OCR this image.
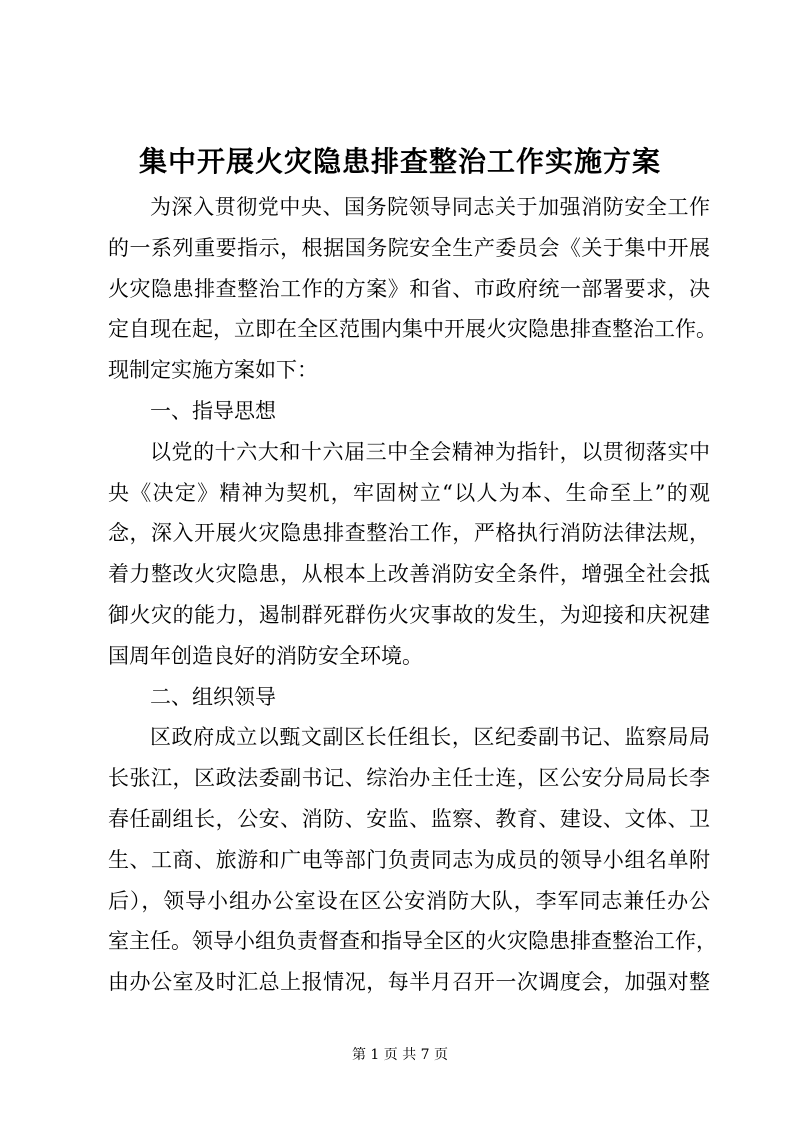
集中开展火灾隐患排查整治工作实施方案
为深入贯彻党中央、国务院领导同志关于加强消防安全工作
的一系列重要指示，根据国务院安全生产委员会《关于集中开展
火灾隐患排查整治工作的方案》和省、市政府统一部署要求，决
定自现在起，立即在全区范围内集中开展火灾隐患排查整治工作。
现制定实施方案如下：
一、指导思想
以党的十六大和十六届三中全会精神为指针，以贯彻落实中
央《决定》精神为契机，牢固树立“以人为本、生命至上”的观
念，深入开展火灾隐患排查整治工作，严格执行消防法律法规，
着力整改火灾隐患，从根本上改善消防安全条件，增强全社会抵
御火灾的能力，遏制群死群伤火灾事故的发生，为迎接和庆祝建
国周年创造良好的消防安全环境。
二、组织领导
区政府成立以甄文副区长任组长，区纪委副书记、监察局局
长张江，区政法委副书记、综治办主任士连，区公安分局局长李
春任副组长，公安、消防、安监、监察、教育、建设、文体、卫
生、工商、旅游和广电等部门负责同志为成员的领导小组名单附
后），领导小组办公室设在区公安消防大队，李军同志兼任办公
室主任。领导小组负责督查和指导全区的火灾隐患排查整治工作，
由办公室及时汇总上报情况，每半月召开一次调度会，加强对整
第 1 页 共 7 页
